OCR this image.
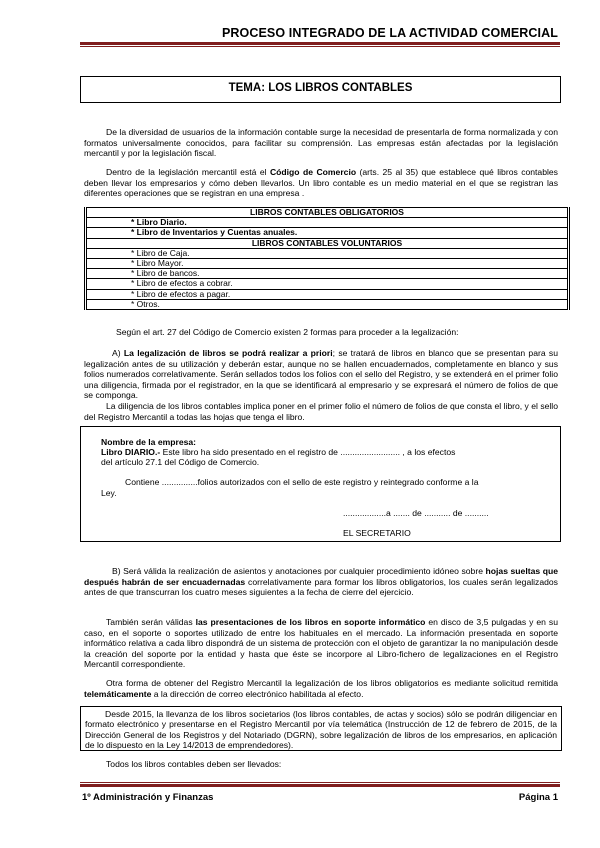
PROCESO INTEGRADO DE LA ACTIVIDAD COMERCIAL
TEMA: LOS LIBROS CONTABLES
De la diversidad de usuarios de la información contable surge la necesidad de presentarla de forma normalizada y con formatos universalmente conocidos, para facilitar su comprensión. Las empresas están afectadas por la legislación mercantil y por la legislación fiscal.
Dentro de la legislación mercantil está el Código de Comercio (arts. 25 al 35) que establece qué libros contables deben llevar los empresarios y cómo deben llevarlos. Un libro contable es un medio material en el que se registran las diferentes operaciones que se registran en una empresa .
LIBROS CONTABLES OBLIGATORIOS
* Libro Diario.
* Libro de Inventarios y Cuentas anuales.
LIBROS CONTABLES VOLUNTARIOS
* Libro de Caja.
* Libro Mayor.
* Libro de bancos.
* Libro de efectos a cobrar.
* Libro de efectos a pagar.
* Otros.
Según el art. 27 del Código de Comercio existen 2 formas para proceder a la legalización:
A) La legalización de libros se podrá realizar a priori; se tratará de libros en blanco que se presentan para su legalización antes de su utilización y deberán estar, aunque no se hallen encuadernados, completamente en blanco y sus folios numerados correlativamente. Serán sellados todos los folios con el sello del Registro, y se extenderá en el primer folio una diligencia, firmada por el registrador, en la que se identificará al empresario y se expresará el número de folios de que se componga.
La diligencia de los libros contables implica poner en el primer folio el número de folios de que consta el libro, y el sello del Registro Mercantil a todas las hojas que tenga el libro.
Nombre de la empresa:
Libro DIARIO.- Este libro ha sido presentado en el registro de ......................... , a los efectos
del artículo 27.1 del Código de Comercio.
Contiene ...............folios autorizados con el sello de este registro y reintegrado conforme a la
Ley.
..................a ....... de ........... de ..........
EL SECRETARIO
B) Será válida la realización de asientos y anotaciones por cualquier procedimiento idóneo sobre hojas sueltas que después habrán de ser encuadernadas correlativamente para formar los libros obligatorios, los cuales serán legalizados antes de que transcurran los cuatro meses siguientes a la fecha de cierre del ejercicio.
También serán válidas las presentaciones de los libros en soporte informático en disco de 3,5 pulgadas y en su caso, en el soporte o soportes utilizado de entre los habituales en el mercado. La información presentada en soporte informático relativa a cada libro dispondrá de un sistema de protección con el objeto de garantizar la no manipulación desde la creación del soporte por la entidad y hasta que éste se incorpore al Libro-fichero de legalizaciones en el Registro Mercantil correspondiente.
Otra forma de obtener del Registro Mercantil la legalización de los libros obligatorios es mediante solicitud remitida telemáticamente a la dirección de correo electrónico habilitada al efecto.
Desde 2015, la llevanza de los libros societarios (los libros contables, de actas y socios) sólo se podrán diligenciar en formato electrónico y presentarse en el Registro Mercantil por vía telemática (Instrucción de 12 de febrero de 2015, de la Dirección General de los Registros y del Notariado (DGRN), sobre legalización de libros de los empresarios, en aplicación de lo dispuesto en la Ley 14/2013 de emprendedores).
Todos los libros contables deben ser llevados:
1º Administración y Finanzas	Página 1
